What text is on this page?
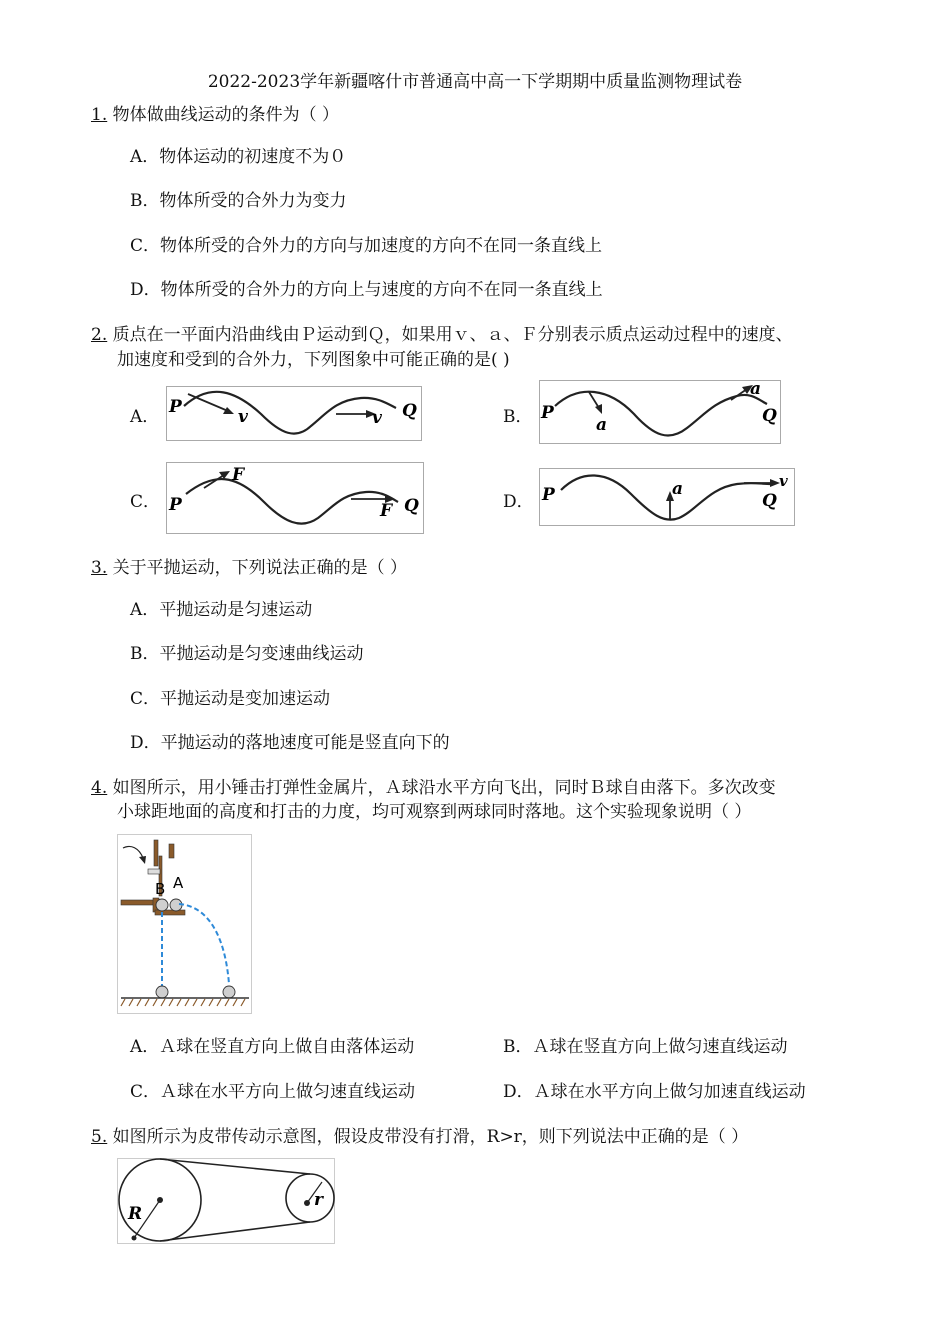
2022-2023学年新疆喀什市普通高中高一下学期期中质量监测物理试卷
1. 物体做曲线运动的条件为（ ）
A．物体运动的初速度不为０
B．物体所受的合外力为变力
C．物体所受的合外力的方向与加速度的方向不在同一条直线上
D．物体所受的合外力的方向上与速度的方向不在同一条直线上
2. 质点在一平面内沿曲线由Ｐ运动到Ｑ，如果用ｖ、ａ、Ｆ分别表示质点运动过程中的速度、
加速度和受到的合外力，下列图象中可能正确的是( )
A．	B．
C．	D．
P	Q
v	v	P	Q
a
a
P	Q
F
F
P	Q
a	v
3. 关于平抛运动，下列说法正确的是（ ）
A．平抛运动是匀速运动
B．平抛运动是匀变速曲线运动
C．平抛运动是变加速运动
D．平抛运动的落地速度可能是竖直向下的
4. 如图所示，用小锤击打弹性金属片，Ａ球沿水平方向飞出，同时Ｂ球自由落下。多次改变
小球距地面的高度和打击的力度，均可观察到两球同时落地。这个实验现象说明（ ）
B A
A．Ａ球在竖直方向上做自由落体运动	B．Ａ球在竖直方向上做匀速直线运动
C．Ａ球在水平方向上做匀速直线运动	D．Ａ球在水平方向上做匀加速直线运动
5. 如图所示为皮带传动示意图，假设皮带没有打滑，R>r，则下列说法中正确的是（ ）
R
r
